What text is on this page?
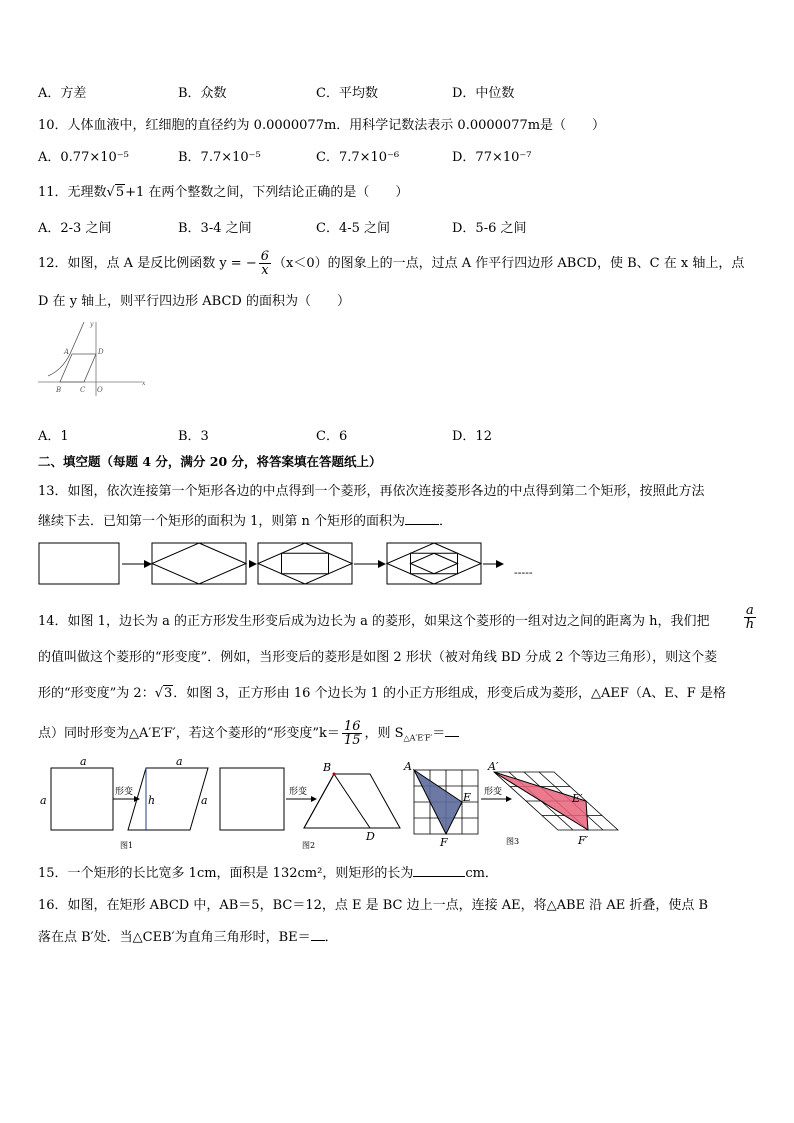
A．方差	B．众数	C．平均数	D．中位数
10．人体血液中，红细胞的直径约为 0.0000077m．用科学记数法表示 0.0000077m是（　　）
A．0.77×10⁻⁵	B．7.7×10⁻⁵	C．7.7×10⁻⁶	D．77×10⁻⁷
11．无理数√5+1 在两个整数之间，下列结论正确的是（　　）
A．2-3 之间	B．3-4 之间	C．4-5 之间	D．5-6 之间
12．如图，点 A 是反比例函数 y = − $\frac{6}{x} (x<0)$的图象上的一点，过点 A 作平行四边形 ABCD，使 B、C 在 x 轴上，点
D 在 y 轴上，则平行四边形 ABCD 的面积为（　　）
A	D
B	C O
x
y
A．1	B．3	C．6	D．12
二、填空题（每题 4 分，满分 20 分，将答案填在答题纸上）
13．如图，依次连接第一个矩形各边的中点得到一个菱形，再依次连接菱形各边的中点得到第二个矩形，按照此方法
继续下去．已知第一个矩形的面积为 1，则第 n 个矩形的面积为	．
-----
14．如图 1，边长为 a 的正方形发生形变后成为边长为 a 的菱形，如果这个菱形的一组对边之间的距离为 h，我们把	$\frac{a}{h}$
的值叫做这个菱形的“形变度”．例如，当形变后的菱形是如图 2 形状（被对角线 BD 分成 2 个等边三角形），则这个菱
形的“形变度”为 2：√3．如图 3，正方形由 16 个边长为 1 的小正方形组成，形变后成为菱形，△AEF（A、E、F 是格
点）同时形变为△A′E′F′，若这个菱形的“形变度”k＝ $\frac{16}{15}$ ，则 $S_{\triangle A'E'F'}=$
a
a
形变
a
h	a
图1
形变
B
D
图2
A
E
F
形变
图3
A′
E′
F′
15．一个矩形的长比宽多 1cm，面积是 132cm²，则矩形的长为	cm．
16．如图，在矩形 ABCD 中，AB＝5，BC＝12，点 E 是 BC 边上一点，连接 AE，将△ABE 沿 AE 折叠，使点 B
落在点 B′处．当△CEB′为直角三角形时，BE＝ ．
